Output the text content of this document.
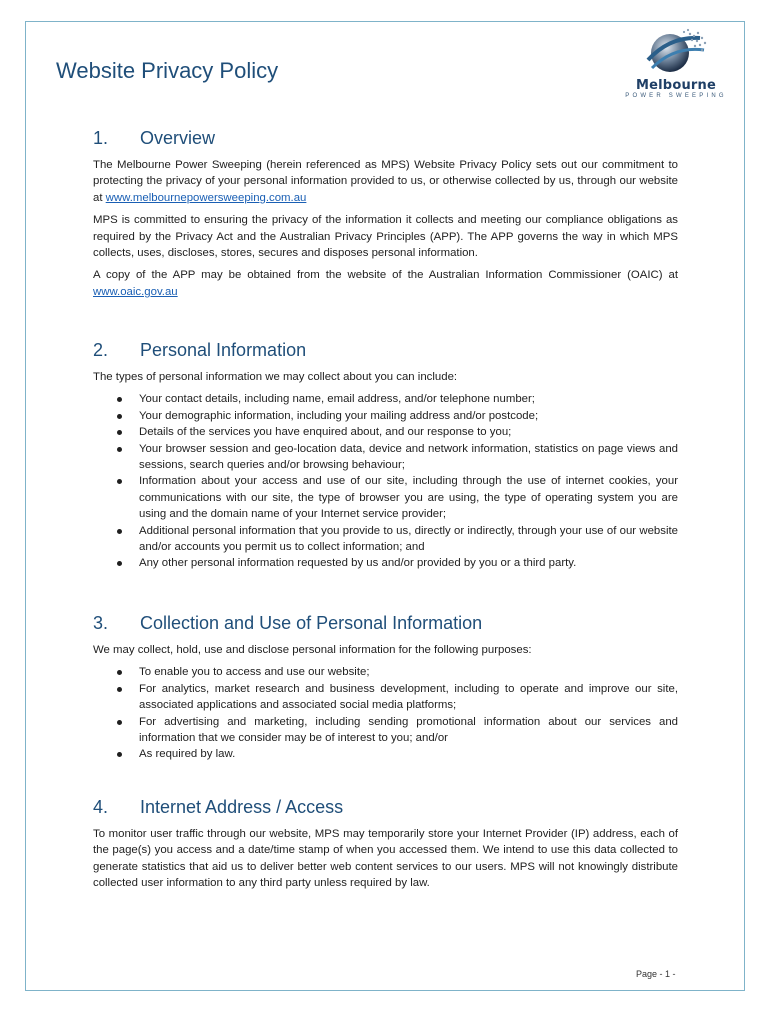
Website Privacy Policy
Melbourne
POWER SWEEPING
1.	Overview

The Melbourne Power Sweeping (herein referenced as MPS) Website Privacy Policy sets out our commitment to protecting the privacy of your personal information provided to us, or otherwise collected by us, through our website at www.melbournepowersweeping.com.au

MPS is committed to ensuring the privacy of the information it collects and meeting our compliance obligations as required by the Privacy Act and the Australian Privacy Principles (APP). The APP governs the way in which MPS collects, uses, discloses, stores, secures and disposes personal information.

A copy of the APP may be obtained from the website of the Australian Information Commissioner (OAIC) at www.oaic.gov.au

2.	Personal Information

The types of personal information we may collect about you can include:

Your contact details, including name, email address, and/or telephone number;
Your demographic information, including your mailing address and/or postcode;
Details of the services you have enquired about, and our response to you;
Your browser session and geo-location data, device and network information, statistics on page views and sessions, search queries and/or browsing behaviour;
Information about your access and use of our site, including through the use of internet cookies, your communications with our site, the type of browser you are using, the type of operating system you are using and the domain name of your Internet service provider;
Additional personal information that you provide to us, directly or indirectly, through your use of our website and/or accounts you permit us to collect information; and
Any other personal information requested by us and/or provided by you or a third party.
3.	Collection and Use of Personal Information

We may collect, hold, use and disclose personal information for the following purposes:

To enable you to access and use our website;
For analytics, market research and business development, including to operate and improve our site, associated applications and associated social media platforms;
For advertising and marketing, including sending promotional information about our services and information that we consider may be of interest to you; and/or
As required by law.
4.	Internet Address / Access

To monitor user traffic through our website, MPS may temporarily store your Internet Provider (IP) address, each of the page(s) you access and a date/time stamp of when you accessed them. We intend to use this data collected to generate statistics that aid us to deliver better web content services to our users. MPS will not knowingly distribute collected user information to any third party unless required by law.

Page - 1 -
